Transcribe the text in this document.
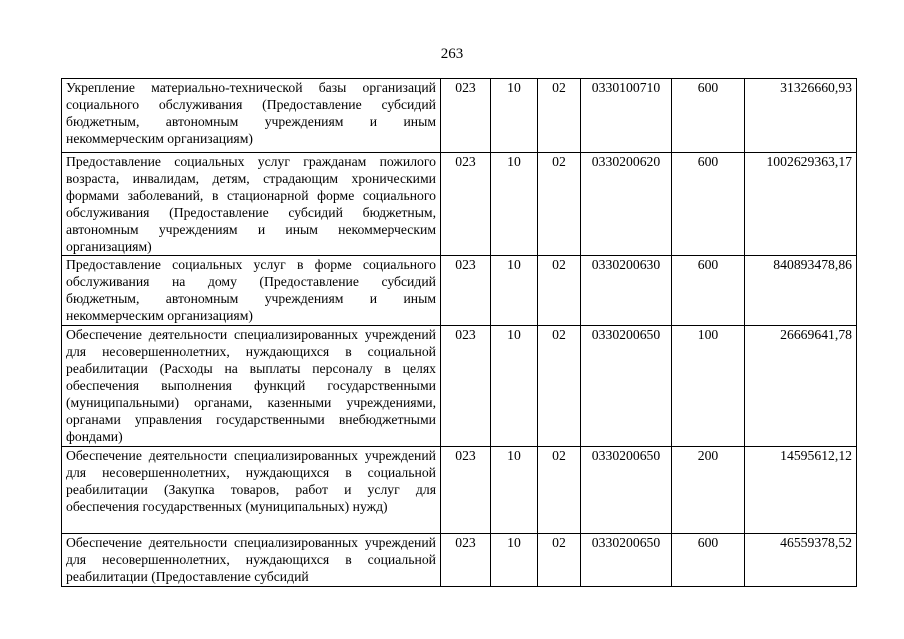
263
Укрепление материально-технической базы организаций социального обслуживания (Предоставление субсидий бюджетным, автономным учреждениям и иным некоммерческим организациям)	023	10	02	0330100710	600	31326660,93
Предоставление социальных услуг гражданам пожилого возраста, инвалидам, детям, страдающим хроническими формами заболеваний, в стационарной форме социального обслуживания (Предоставление субсидий бюджетным, автономным учреждениям и иным некоммерческим организациям)	023	10	02	0330200620	600	1002629363,17
Предоставление социальных услуг в форме социального обслуживания на дому (Предоставление субсидий бюджетным, автономным учреждениям и иным некоммерческим организациям)	023	10	02	0330200630	600	840893478,86
Обеспечение деятельности специализированных учреждений для несовершеннолетних, нуждающихся в социальной реабилитации (Расходы на выплаты персоналу в целях обеспечения выполнения функций государственными (муниципальными) органами, казенными учреждениями, органами управления государственными внебюджетными фондами)	023	10	02	0330200650	100	26669641,78
Обеспечение деятельности специализированных учреждений для несовершеннолетних, нуждающихся в социальной реабилитации (Закупка товаров, работ и услуг для обеспечения государственных (муниципальных) нужд)	023	10	02	0330200650	200	14595612,12
Обеспечение деятельности специализированных учреждений для несовершеннолетних, нуждающихся в социальной реабилитации (Предоставление субсидий	023	10	02	0330200650	600	46559378,52
